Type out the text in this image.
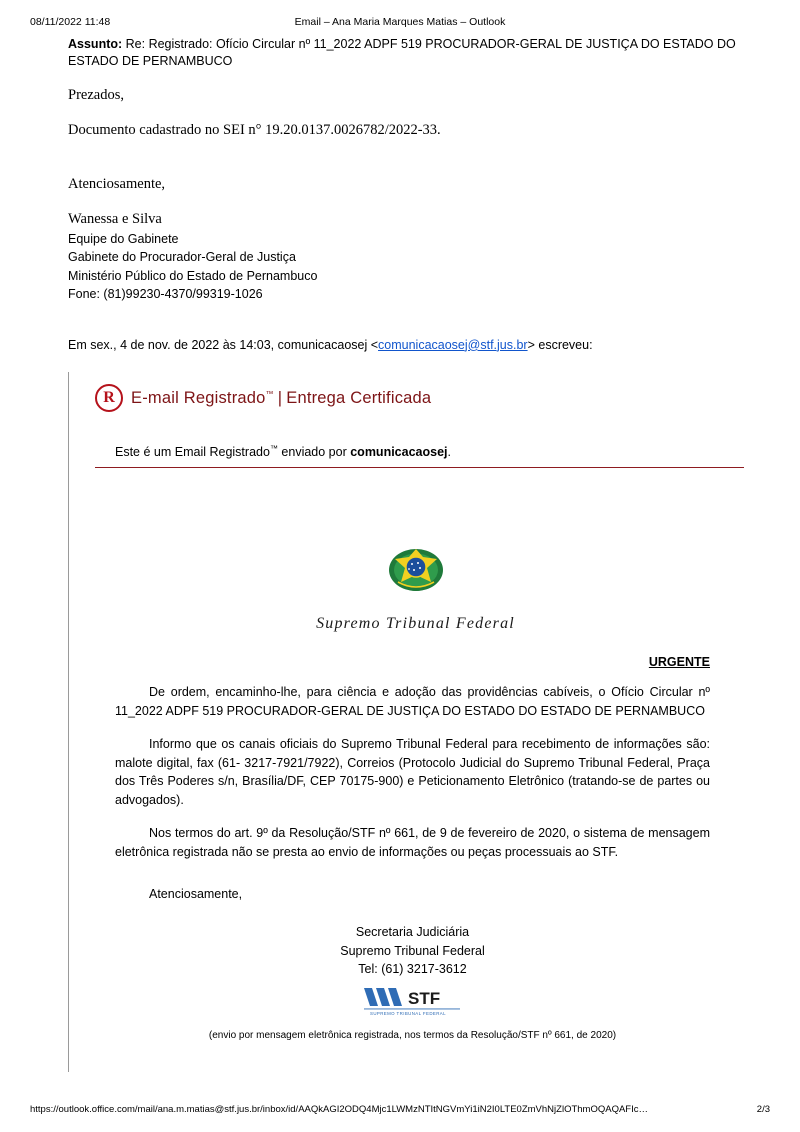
08/11/2022 11:48	Email – Ana Maria Marques Matias – Outlook

Assunto: Re: Registrado: Ofício Circular nº 11_2022 ADPF 519 PROCURADOR-GERAL DE JUSTIÇA DO ESTADO DO ESTADO DE PERNAMBUCO

Prezados,

Documento cadastrado no SEI n° 19.20.0137.0026782/2022-33.

Atenciosamente,

Wanessa e Silva

Equipe do Gabinete
Gabinete do Procurador-Geral de Justiça
Ministério Público do Estado de Pernambuco
Fone: (81)99230-4370/99319-1026

Em sex., 4 de nov. de 2022 às 14:03, comunicacaosej <comunicacaosej@stf.jus.br> escreveu:

R E-mail Registrado™ | Entrega Certificada
Este é um Email Registrado™ enviado por comunicacaosej.
Supremo Tribunal Federal
URGENTE

De ordem, encaminho-lhe, para ciência e adoção das providências cabíveis, o Ofício Circular nº 11_2022 ADPF 519 PROCURADOR-GERAL DE JUSTIÇA DO ESTADO DO ESTADO DE PERNAMBUCO

Informo que os canais oficiais do Supremo Tribunal Federal para recebimento de informações são: malote digital, fax (61- 3217-7921/7922), Correios (Protocolo Judicial do Supremo Tribunal Federal, Praça dos Três Poderes s/n, Brasília/DF, CEP 70175-900) e Peticionamento Eletrônico (tratando-se de partes ou advogados).

Nos termos do art. 9º da Resolução/STF nº 661, de 9 de fevereiro de 2020, o sistema de mensagem eletrônica registrada não se presta ao envio de informações ou peças processuais ao STF.

Atenciosamente,

Secretaria Judiciária
Supremo Tribunal Federal
Tel: (61) 3217-3612
STF
SUPREMO TRIBUNAL FEDERAL
(envio por mensagem eletrônica registrada, nos termos da Resolução/STF nº 661, de 2020)
https://outlook.office.com/mail/ana.m.matias@stf.jus.br/inbox/id/AAQkAGI2ODQ4Mjc1LWMzNTItNGVmYi1iN2I0LTE0ZmVhNjZlOThmOQAQAFIc…	2/3
